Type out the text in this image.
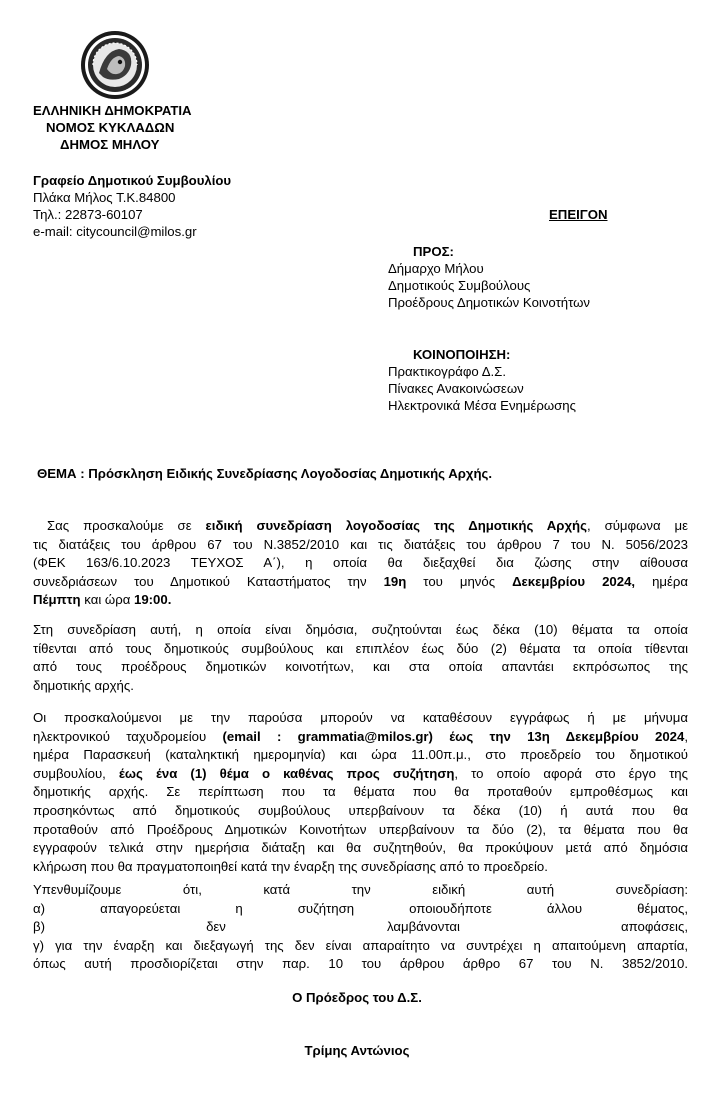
ΕΛΛΗΝΙΚΗ ΔΗΜΟΚΡΑΤΙΑ
ΝΟΜΟΣ ΚΥΚΛΑΔΩΝ
ΔΗΜΟΣ ΜΗΛΟΥ
Γραφείο Δημοτικού Συμβουλίου
Πλάκα Μήλος Τ.Κ.84800
Τηλ.: 22873-60107
e-mail: citycouncil@milos.gr
ΕΠΕΙΓΟΝ
ΠΡΟΣ:
Δήμαρχο Μήλου
Δημοτικούς Συμβούλους
Προέδρους Δημοτικών Κοινοτήτων
ΚΟΙΝΟΠΟΙΗΣΗ:
Πρακτικογράφο Δ.Σ.
Πίνακες Ανακοινώσεων
Ηλεκτρονικά Μέσα Ενημέρωσης
ΘΕΜΑ : Πρόσκληση Ειδικής Συνεδρίασης Λογοδοσίας Δημοτικής Αρχής.
Σας προσκαλούμε σε ειδική συνεδρίαση λογοδοσίας της Δημοτικής Αρχής, σύμφωνα με
τις διατάξεις του άρθρου 67 του Ν.3852/2010 και τις διατάξεις του άρθρου 7 του Ν. 5056/2023
(ΦΕΚ 163/6.10.2023 ΤΕΥΧΟΣ Α΄), η οποία θα διεξαχθεί δια ζώσης στην αίθουσα
συνεδριάσεων του Δημοτικού Καταστήματος την 19η του μηνός Δεκεμβρίου 2024, ημέρα
Πέμπτη και ώρα 19:00.
Στη συνεδρίαση αυτή, η οποία είναι δημόσια, συζητούνται έως δέκα (10) θέματα τα οποία
τίθενται από τους δημοτικούς συμβούλους και επιπλέον έως δύο (2) θέματα τα οποία τίθενται
από τους προέδρους δημοτικών κοινοτήτων, και στα οποία απαντάει εκπρόσωπος της
δημοτικής αρχής.
Οι προσκαλούμενοι με την παρούσα μπορούν να καταθέσουν εγγράφως ή με μήνυμα
ηλεκτρονικού ταχυδρομείου (email : grammatia@milos.gr) έως την 13η Δεκεμβρίου 2024,
ημέρα Παρασκευή (καταληκτική ημερομηνία) και ώρα 11.00π.μ., στο προεδρείο του δημοτικού
συμβουλίου, έως ένα (1) θέμα ο καθένας προς συζήτηση, το οποίο αφορά στο έργο της
δημοτικής αρχής. Σε περίπτωση που τα θέματα που θα προταθούν εμπροθέσμως και
προσηκόντως από δημοτικούς συμβούλους υπερβαίνουν τα δέκα (10) ή αυτά που θα
προταθούν από Προέδρους Δημοτικών Κοινοτήτων υπερβαίνουν τα δύο (2), τα θέματα που θα
εγγραφούν τελικά στην ημερήσια διάταξη και θα συζητηθούν, θα προκύψουν μετά από δημόσια
κλήρωση που θα πραγματοποιηθεί κατά την έναρξη της συνεδρίασης από το προεδρείο.
Υπενθυμίζουμε ότι, κατά την ειδική αυτή συνεδρίαση:
α) απαγορεύεται η συζήτηση οποιουδήποτε άλλου θέματος,
β) δεν λαμβάνονται αποφάσεις,
γ) για την έναρξη και διεξαγωγή της δεν είναι απαραίτητο να συντρέχει η απαιτούμενη απαρτία,
όπως αυτή προσδιορίζεται στην παρ. 10 του άρθρου άρθρο 67 του Ν. 3852/2010.
Ο Πρόεδρος του Δ.Σ.
Τρίμης Αντώνιος
